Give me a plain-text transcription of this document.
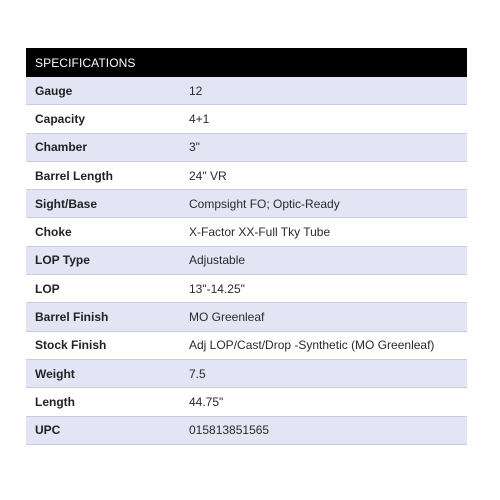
SPECIFICATIONS
Gauge	12
Capacity	4+1
Chamber	3"
Barrel Length	24" VR
Sight/Base	Compsight FO; Optic-Ready
Choke	X-Factor XX-Full Tky Tube
LOP Type	Adjustable
LOP	13"-14.25"
Barrel Finish	MO Greenleaf
Stock Finish	Adj LOP/Cast/Drop -Synthetic (MO Greenleaf)
Weight	7.5
Length	44.75"
UPC	015813851565
